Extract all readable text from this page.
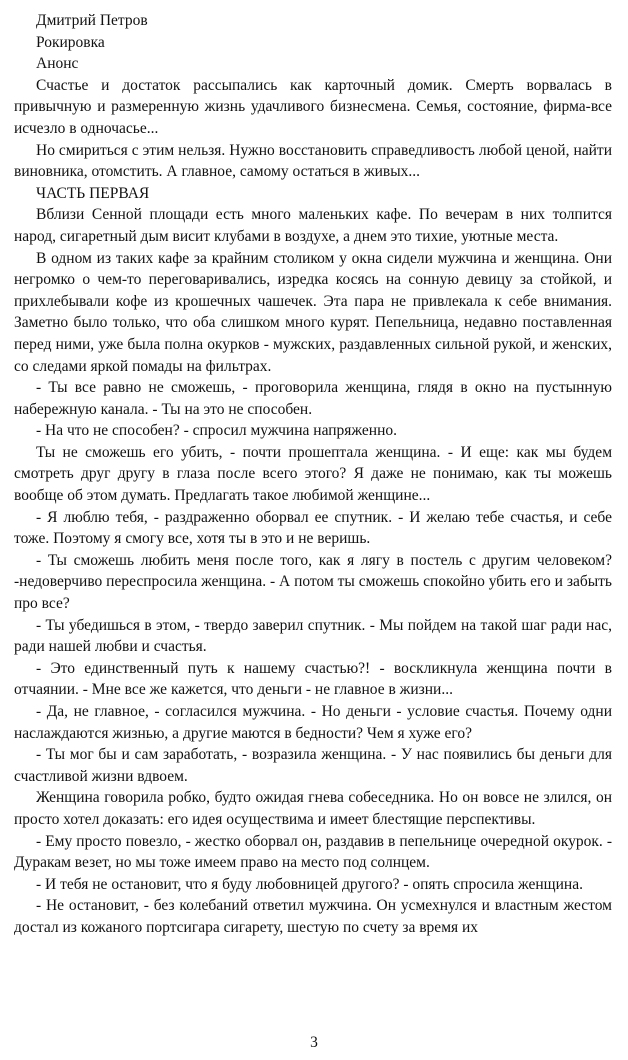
Дмитрий Петров

Рокировка

Анонс

Счастье и достаток рассыпались как карточный домик. Смерть ворвалась в привычную и размеренную жизнь удачливого бизнесмена. Семья, состояние, фирма-все исчезло в одночасье...

Но смириться с этим нельзя. Нужно восстановить справедливость любой ценой, найти виновника, отомстить. А главное, самому остаться в живых...

ЧАСТЬ ПЕРВАЯ

Вблизи Сенной площади есть много маленьких кафе. По вечерам в них толпится народ, сигаретный дым висит клубами в воздухе, а днем это тихие, уютные места.

В одном из таких кафе за крайним столиком у окна сидели мужчина и женщина. Они негромко о чем-то переговаривались, изредка косясь на сонную девицу за стойкой, и прихлебывали кофе из крошечных чашечек. Эта пара не привлекала к себе внимания. Заметно было только, что оба слишком много курят. Пепельница, недавно поставленная перед ними, уже была полна окурков - мужских, раздавленных сильной рукой, и женских, со следами яркой помады на фильтрах.

- Ты все равно не сможешь, - проговорила женщина, глядя в окно на пустынную набережную канала. - Ты на это не способен.

- На что не способен? - спросил мужчина напряженно.

Ты не сможешь его убить, - почти прошептала женщина. - И еще: как мы будем смотреть друг другу в глаза после всего этого? Я даже не понимаю, как ты можешь вообще об этом думать. Предлагать такое любимой женщине...

- Я люблю тебя, - раздраженно оборвал ее спутник. - И желаю тебе счастья, и себе тоже. Поэтому я смогу все, хотя ты в это и не веришь.

- Ты сможешь любить меня после того, как я лягу в постель с другим человеком? -недоверчиво переспросила женщина. - А потом ты сможешь спокойно убить его и забыть про все?

- Ты убедишься в этом, - твердо заверил спутник. - Мы пойдем на такой шаг ради нас, ради нашей любви и счастья.

- Это единственный путь к нашему счастью?! - воскликнула женщина почти в отчаянии. - Мне все же кажется, что деньги - не главное в жизни...

- Да, не главное, - согласился мужчина. - Но деньги - условие счастья. Почему одни наслаждаются жизнью, а другие маются в бедности? Чем я хуже его?

- Ты мог бы и сам заработать, - возразила женщина. - У нас появились бы деньги для счастливой жизни вдвоем.

Женщина говорила робко, будто ожидая гнева собеседника. Но он вовсе не злился, он просто хотел доказать: его идея осуществима и имеет блестящие перспективы.

- Ему просто повезло, - жестко оборвал он, раздавив в пепельнице очередной окурок. - Дуракам везет, но мы тоже имеем право на место под солнцем.

- И тебя не остановит, что я буду любовницей другого? - опять спросила женщина.

- Не остановит, - без колебаний ответил мужчина. Он усмехнулся и властным жестом достал из кожаного портсигара сигарету, шестую по счету за время их

3
